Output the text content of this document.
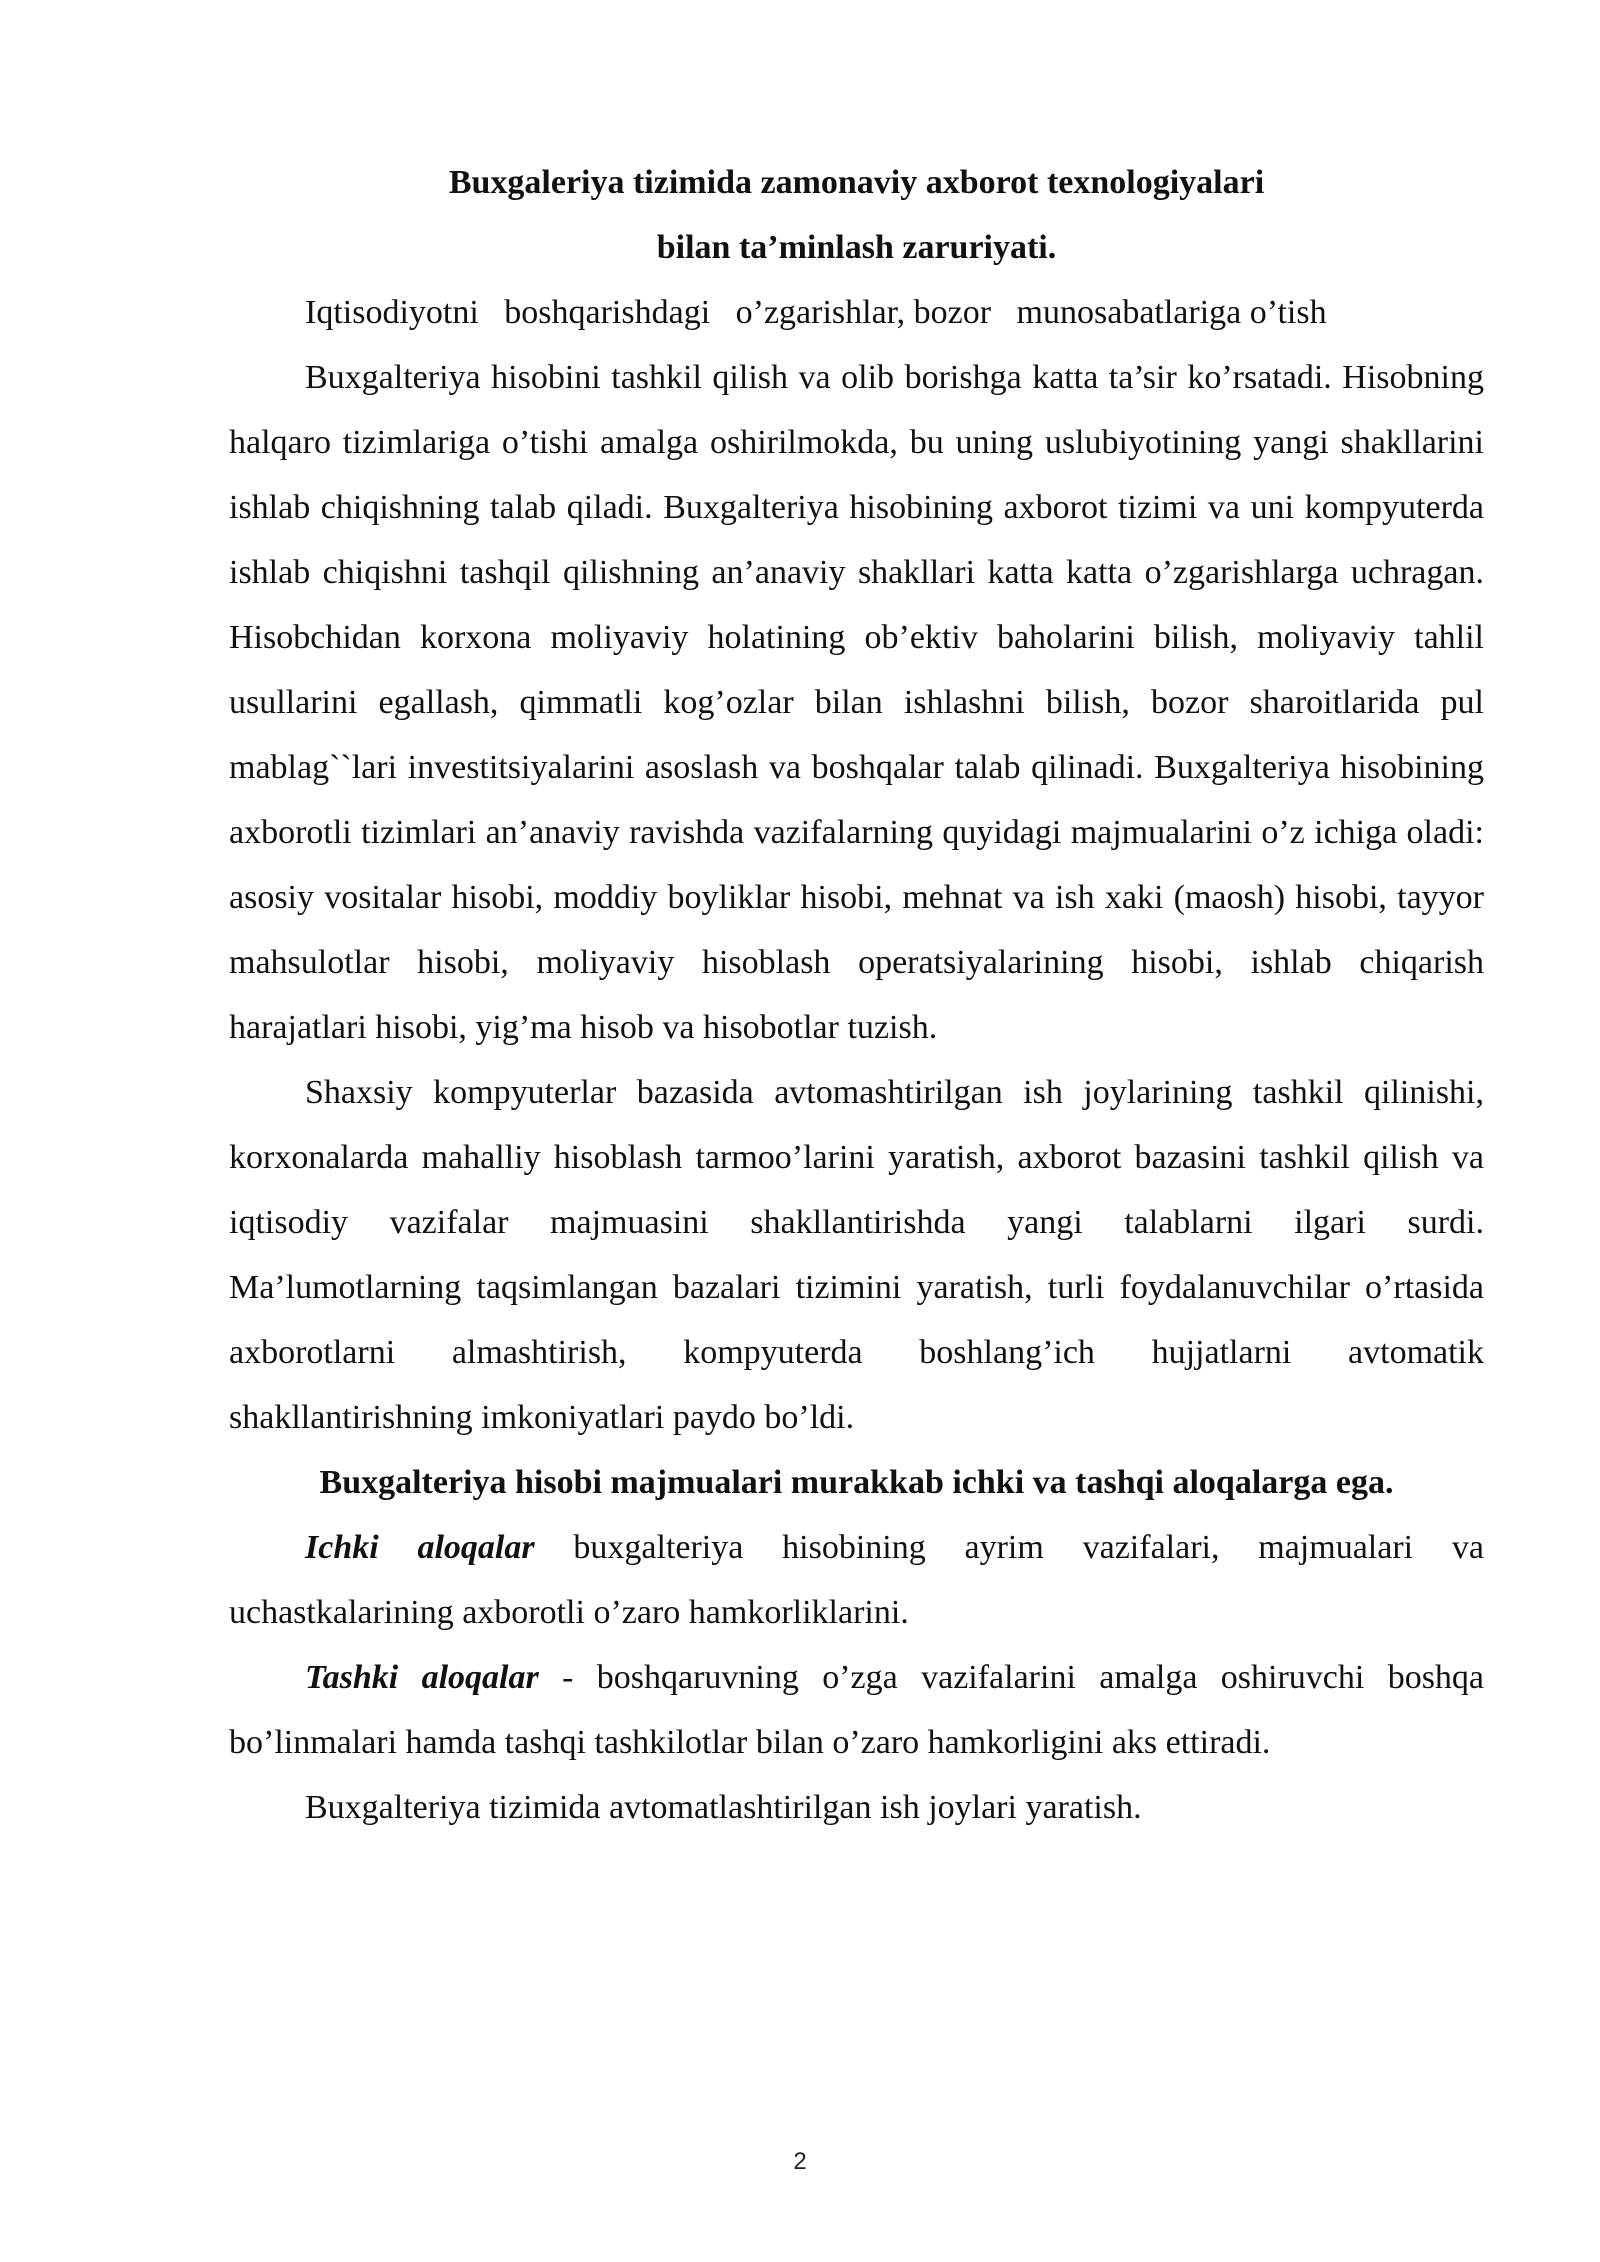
Buxgaleriya tizimida zamonaviy axborot texnologiyalari

bilan ta’minlash zaruriyati.

Iqtisodiyotni   boshqarishdagi   o’zgarishlar, bozor   munosabatlariga o’tish

Buxgalteriya hisobini tashkil qilish va olib borishga katta ta’sir ko’rsatadi. Hisobning halqaro tizimlariga o’tishi amalga oshirilmokda, bu uning uslubiyotining yangi shakllarini ishlab chiqishning talab qiladi. Buxgalteriya hisobining axborot tizimi va uni kompyuterda ishlab chiqishni tashqil qilishning an’anaviy shakllari katta katta o’zgarishlarga uchragan. Hisobchidan korxona moliyaviy holatining ob’ektiv baholarini bilish, moliyaviy tahlil usullarini egallash, qimmatli kog’ozlar bilan ishlashni bilish, bozor sharoitlarida pul mablag``lari investitsiyalarini asoslash va boshqalar talab qilinadi. Buxgalteriya hisobining axborotli tizimlari an’anaviy ravishda vazifalarning quyidagi majmualarini o’z ichiga oladi: asosiy vositalar hisobi, moddiy boyliklar hisobi, mehnat va ish xaki (maosh) hisobi, tayyor mahsulotlar hisobi, moliyaviy hisoblash operatsiyalarining hisobi, ishlab chiqarish harajatlari hisobi, yig’ma hisob va hisobotlar tuzish.

Shaxsiy kompyuterlar bazasida avtomashtirilgan ish joylarining tashkil qilinishi, korxonalarda mahalliy hisoblash tarmoo’larini yaratish, axborot bazasini tashkil qilish va iqtisodiy vazifalar majmuasini shakllantirishda yangi talablarni ilgari surdi. Ma’lumotlarning taqsimlangan bazalari tizimini yaratish, turli foydalanuvchilar o’rtasida axborotlarni almashtirish, kompyuterda boshlang’ich hujjatlarni avtomatik shakllantirishning imkoniyatlari paydo bo’ldi.

Buxgalteriya hisobi majmualari murakkab ichki va tashqi aloqalarga ega.

Ichki aloqalar buxgalteriya hisobining ayrim vazifalari, majmualari va uchastkalarining axborotli o’zaro hamkorliklarini.

Tashki aloqalar - boshqaruvning o’zga vazifalarini amalga oshiruvchi boshqa bo’linmalari hamda tashqi tashkilotlar bilan o’zaro hamkorligini aks ettiradi.

Buxgalteriya tizimida avtomatlashtirilgan ish joylari yaratish.

2
